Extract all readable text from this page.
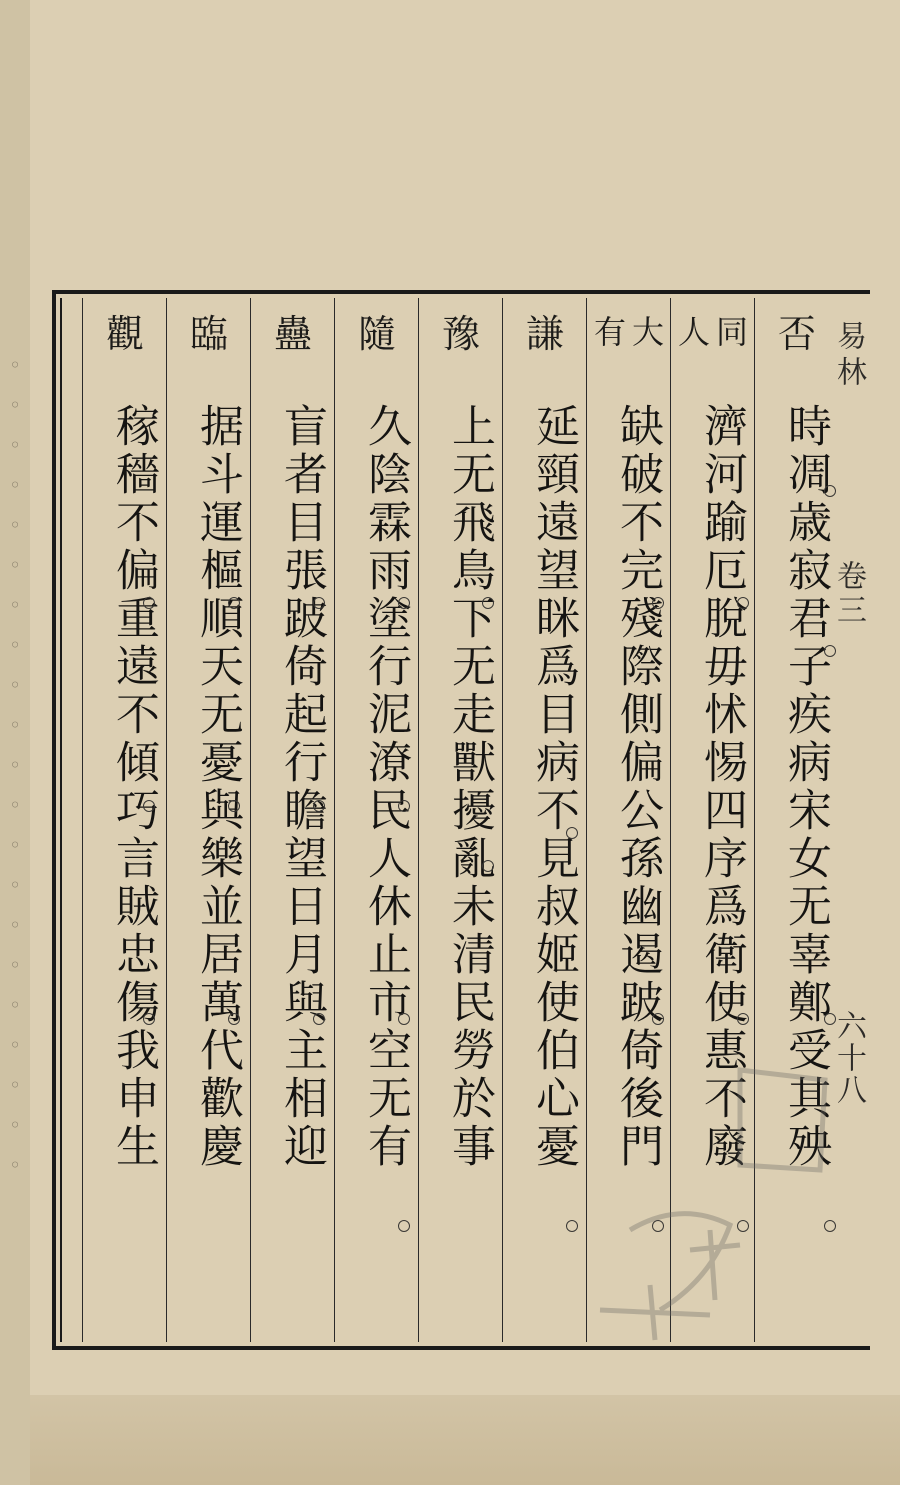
◦
◦
◦
◦
◦
◦
◦
◦
◦
◦
◦
◦
◦
◦
◦
◦
◦
◦
◦
◦
◦
易林
卷三
六十八
否
時凋歳寂君子疾病宋女无辜鄭受其殃
同
人
濟河踰厄脫毋怵惕四序爲衛使惠不廢
大
有
缺破不完殘際側偏公孫幽遏跛倚後門
謙
延頸遠望眯爲目病不見叔姬使伯心憂
豫
上无飛鳥下无走獸擾亂未清民勞於事
隨
久陰霖雨塗行泥潦民人休止市空无有
蠱
盲者目張跛倚起行瞻望日月與主相迎
臨
据斗運樞順天无憂與樂並居萬代歡慶
觀
稼穡不偏重遠不傾巧言賊忠傷我申生
